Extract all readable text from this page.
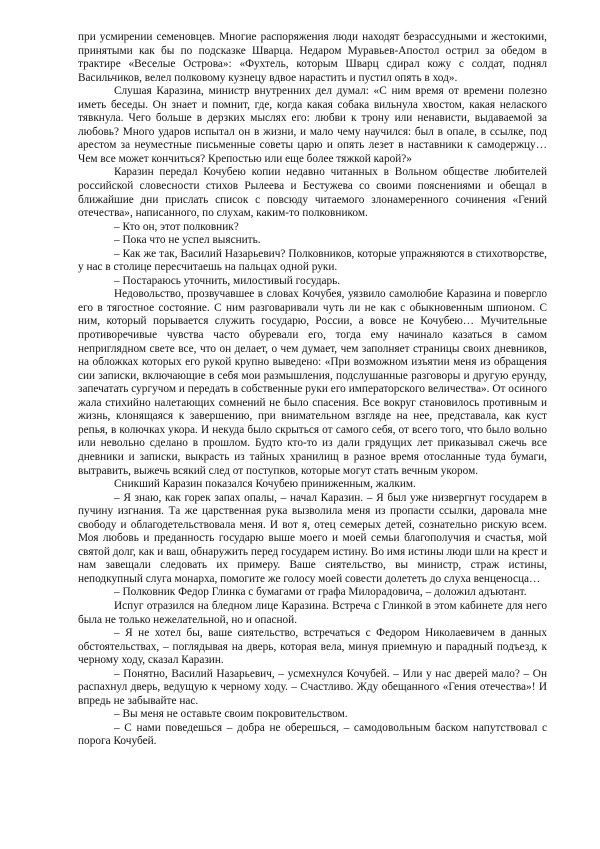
при усмирении семеновцев. Многие распоряжения люди находят безрассудными и жестокими, принятыми как бы по подсказке Шварца. Недаром Муравьев-Апостол острил за обедом в трактире «Веселые Острова»: «Фухтель, которым Шварц сдирал кожу с солдат, поднял Васильчиков, велел полковому кузнецу вдвое нарастить и пустил опять в ход».

Слушая Каразина, министр внутренних дел думал: «С ним время от времени полезно иметь беседы. Он знает и помнит, где, когда какая собака вильнула хвостом, какая нелаского тявкнула. Чего больше в дерзких мыслях его: любви к трону или ненависти, выдаваемой за любовь? Много ударов испытал он в жизни, и мало чему научился: был в опале, в ссылке, под арестом за неуместные письменные советы царю и опять лезет в наставники к самодержцу… Чем все может кончиться? Крепостью или еще более тяжкой карой?»

Каразин передал Кочубею копии недавно читанных в Вольном обществе любителей российской словесности стихов Рылеева и Бестужева со своими пояснениями и обещал в ближайшие дни прислать список с повсюду читаемого злонамеренного сочинения «Гений отечества», написанного, по слухам, каким-то полковником.

– Кто он, этот полковник?

– Пока что не успел выяснить.

– Как же так, Василий Назарьевич? Полковников, которые упражняются в стихотворстве, у нас в столице пересчитаешь на пальцах одной руки.

– Постараюсь уточнить, милостивый государь.

Недовольство, прозвучавшее в словах Кочубея, уязвило самолюбие Каразина и повергло его в тягостное состояние. С ним разговаривали чуть ли не как с обыкновенным шпионом. С ним, который порывается служить государю, России, а вовсе не Кочубею… Мучительные противоречивые чувства часто обуревали его, тогда ему начинало казаться в самом неприглядном свете все, что он делает, о чем думает, чем заполняет страницы своих дневников, на обложках которых его рукой крупно выведено: «При возможном изъятии меня из обращения сии записки, включающие в себя мои размышления, подслушанные разговоры и другую ерунду, запечатать сургучом и передать в собственные руки его императорского величества». От осиного жала стихийно налетающих сомнений не было спасения. Все вокруг становилось противным и жизнь, клонящаяся к завершению, при внимательном взгляде на нее, представала, как куст репья, в колючках укора. И некуда было скрыться от самого себя, от всего того, что было вольно или невольно сделано в прошлом. Будто кто-то из дали грядущих лет приказывал сжечь все дневники и записки, выкрасть из тайных хранилищ в разное время отосланные туда бумаги, вытравить, выжечь всякий след от поступков, которые могут стать вечным укором.

Сникший Каразин показался Кочубею приниженным, жалким.

– Я знаю, как горек запах опалы, – начал Каразин. – Я был уже низвергнут государем в пучину изгнания. Та же царственная рука вызволила меня из пропасти ссылки, даровала мне свободу и облагодетельствовала меня. И вот я, отец семерых детей, сознательно рискую всем. Моя любовь и преданность государю выше моего и моей семьи благополучия и счастья, мой святой долг, как и ваш, обнаружить перед государем истину. Во имя истины люди шли на крест и нам завещали следовать их примеру. Ваше сиятельство, вы министр, страж истины, неподкупный слуга монарха, помогите же голосу моей совести долететь до слуха венценосца…

– Полковник Федор Глинка с бумагами от графа Милорадовича, – доложил адъютант.

Испуг отразился на бледном лице Каразина. Встреча с Глинкой в этом кабинете для него была не только нежелательной, но и опасной.

– Я не хотел бы, ваше сиятельство, встречаться с Федором Николаевичем в данных обстоятельствах, – поглядывая на дверь, которая вела, минуя приемную и парадный подъезд, к черному ходу, сказал Каразин.

– Понятно, Василий Назарьевич, – усмехнулся Кочубей. – Или у нас дверей мало? – Он распахнул дверь, ведущую к черному ходу. – Счастливо. Жду обещанного «Гения отечества»! И впредь не забывайте нас.

– Вы меня не оставьте своим покровительством.

– С нами поведешься – добра не оберешься, – самодовольным баском напутствовал с порога Кочубей.
